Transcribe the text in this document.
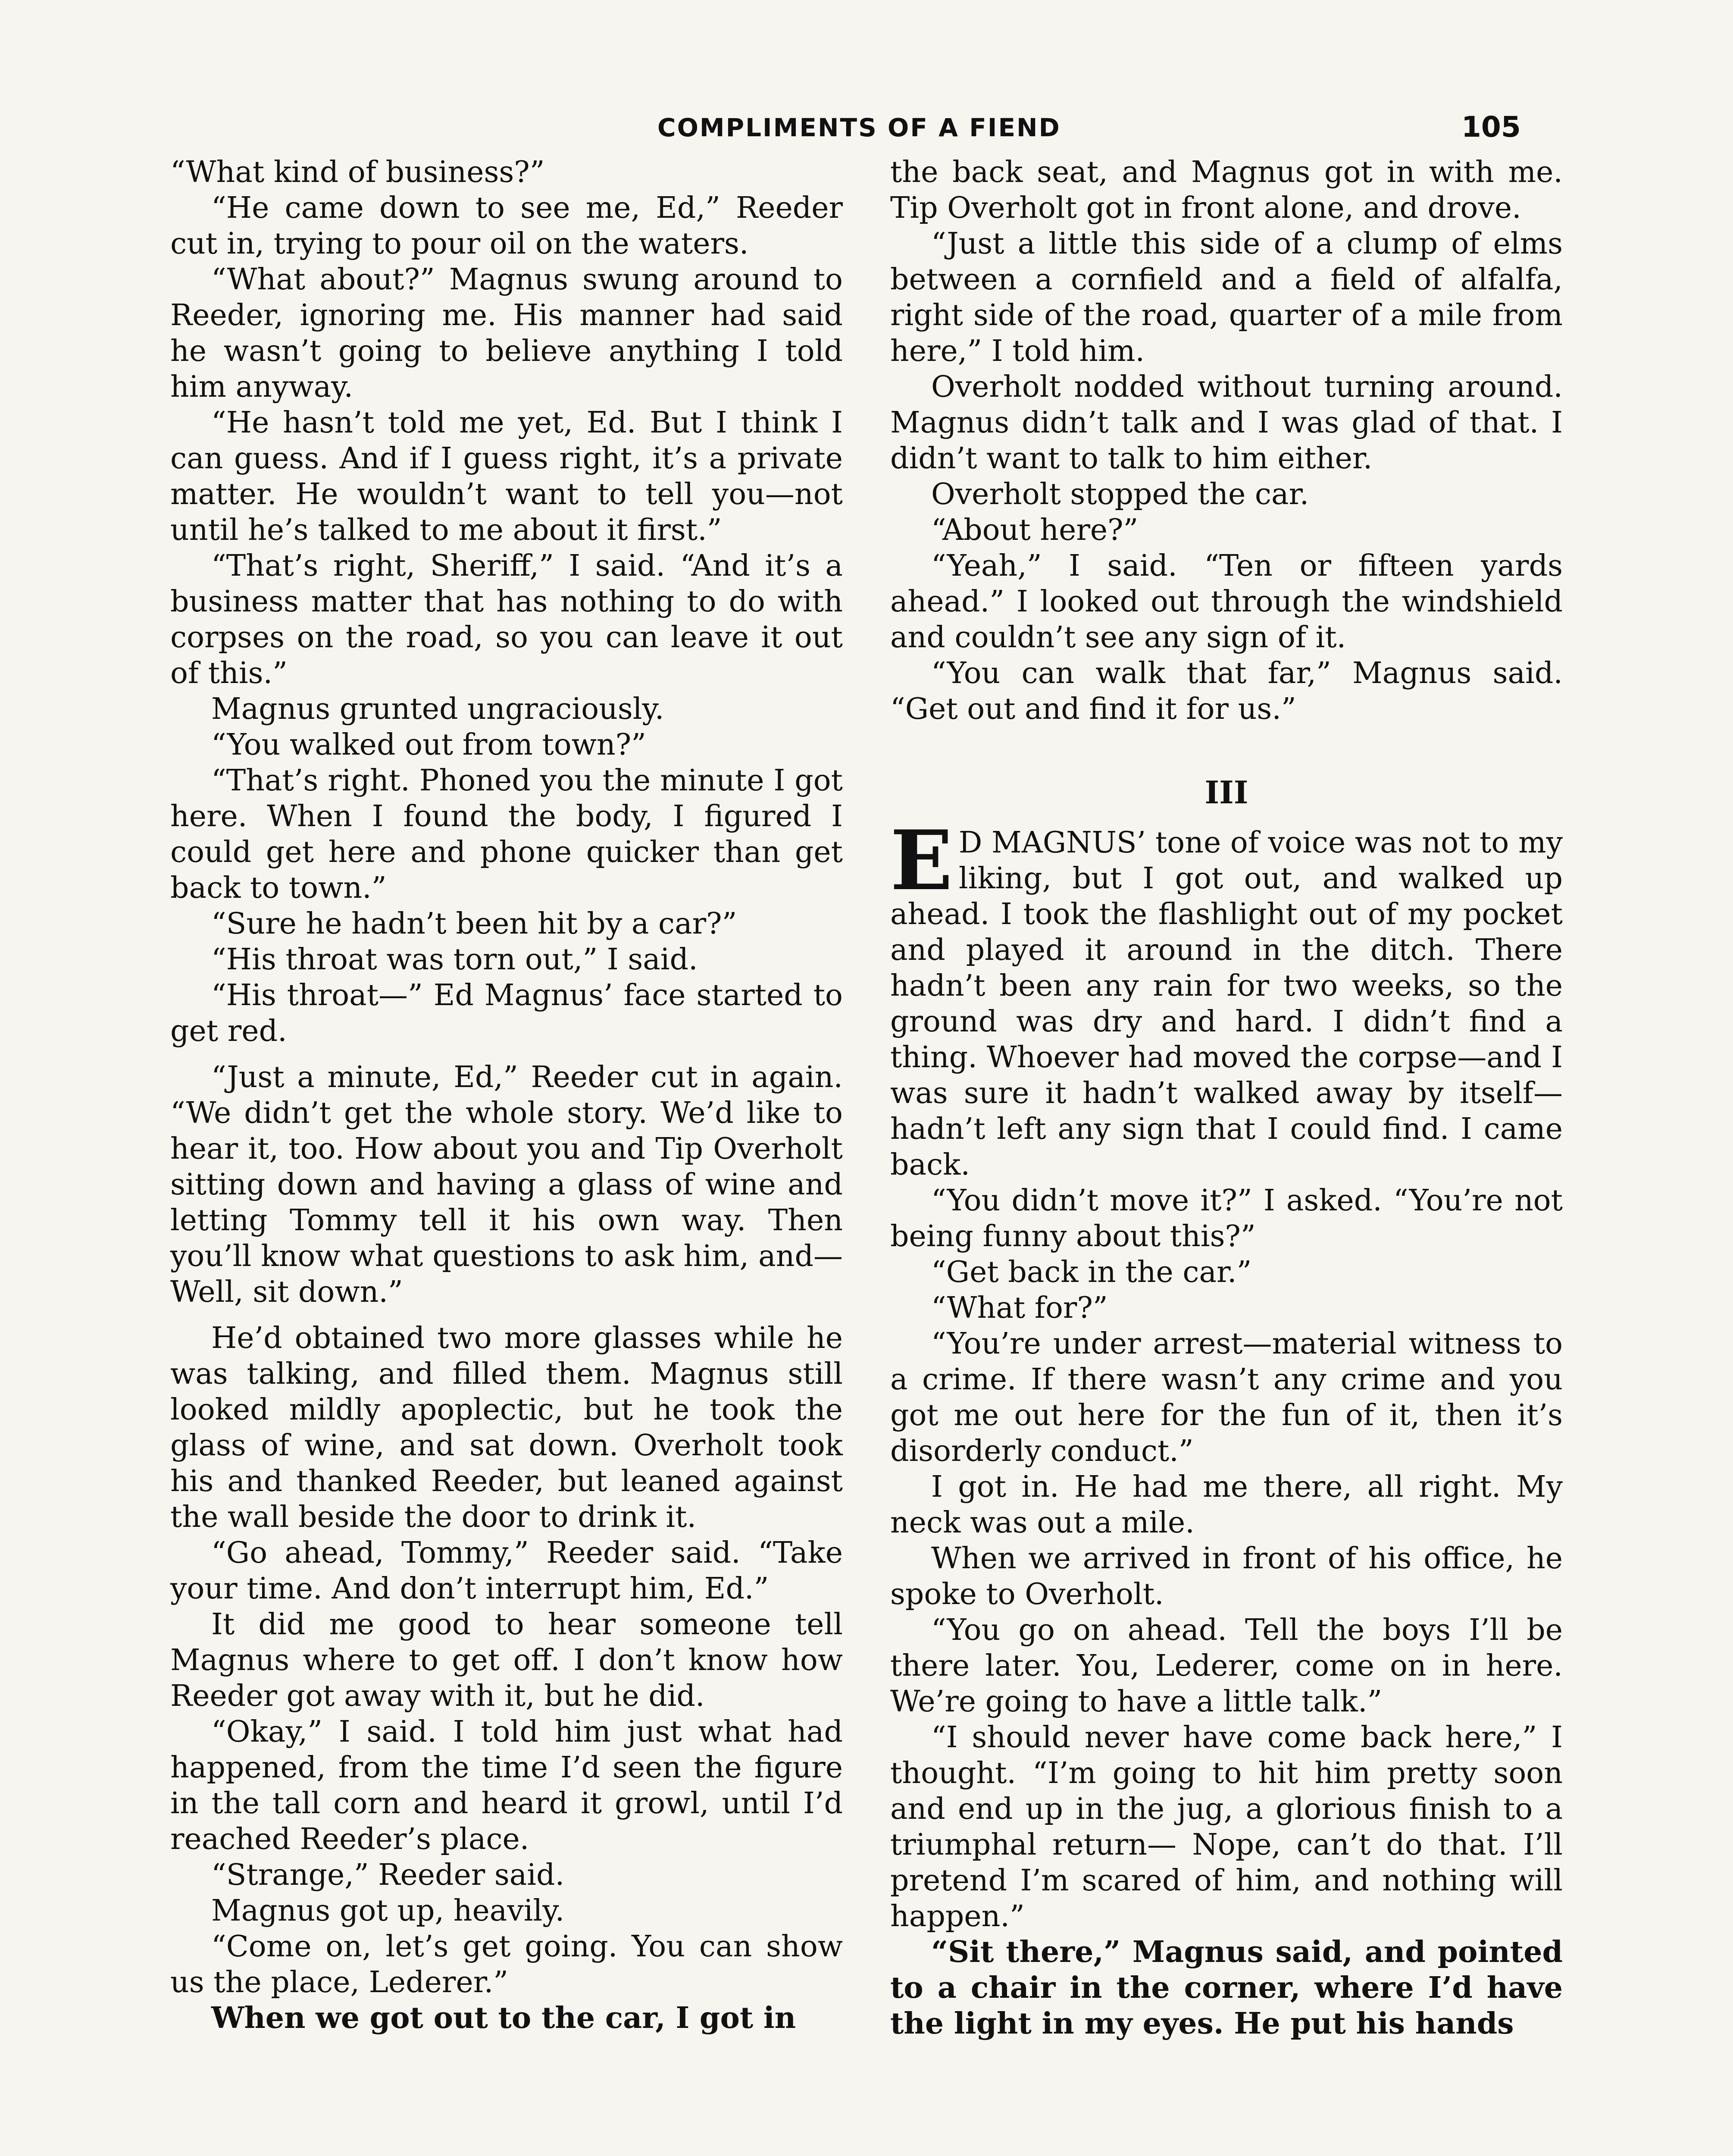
COMPLIMENTS OF A FIEND	105

“What kind of business?”

“He came down to see me, Ed,” Reeder cut in, trying to pour oil on the waters.

“What about?” Magnus swung around to Reeder, ignoring me. His manner had said he wasn’t going to believe anything I told him anyway.

“He hasn’t told me yet, Ed. But I think I can guess. And if I guess right, it’s a private matter. He wouldn’t want to tell you—not until he’s talked to me about it first.”

“That’s right, Sheriff,” I said. “And it’s a business matter that has nothing to do with corpses on the road, so you can leave it out of this.”

Magnus grunted ungraciously.

“You walked out from town?”

“That’s right. Phoned you the minute I got here. When I found the body, I figured I could get here and phone quicker than get back to town.”

“Sure he hadn’t been hit by a car?”

“His throat was torn out,” I said.

“His throat—” Ed Magnus’ face started to get red.

“Just a minute, Ed,” Reeder cut in again. “We didn’t get the whole story. We’d like to hear it, too. How about you and Tip Overholt sitting down and having a glass of wine and letting Tommy tell it his own way. Then you’ll know what questions to ask him, and— Well, sit down.”

He’d obtained two more glasses while he was talking, and filled them. Magnus still looked mildly apoplectic, but he took the glass of wine, and sat down. Overholt took his and thanked Reeder, but leaned against the wall beside the door to drink it.

“Go ahead, Tommy,” Reeder said. “Take your time. And don’t interrupt him, Ed.”

It did me good to hear someone tell Magnus where to get off. I don’t know how Reeder got away with it, but he did.

“Okay,” I said. I told him just what had happened, from the time I’d seen the figure in the tall corn and heard it growl, until I’d reached Reeder’s place.

“Strange,” Reeder said.

Magnus got up, heavily.

“Come on, let’s get going. You can show us the place, Lederer.”

When we got out to the car, I got in

the back seat, and Magnus got in with me. Tip Overholt got in front alone, and drove.

“Just a little this side of a clump of elms between a cornfield and a field of alfalfa, right side of the road, quarter of a mile from here,” I told him.

Overholt nodded without turning around. Magnus didn’t talk and I was glad of that. I didn’t want to talk to him either.

Overholt stopped the car.

“About here?”

“Yeah,” I said. “Ten or fifteen yards ahead.” I looked out through the windshield and couldn’t see any sign of it.

“You can walk that far,” Magnus said. “Get out and find it for us.”

III

E D MAGNUS’ tone of voice was not to my liking, but I got out, and walked up ahead. I took the flashlight out of my pocket and played it around in the ditch. There hadn’t been any rain for two weeks, so the ground was dry and hard. I didn’t find a thing. Whoever had moved the corpse—and I was sure it hadn’t walked away by itself—hadn’t left any sign that I could find. I came back.

“You didn’t move it?” I asked. “You’re not being funny about this?”

“Get back in the car.”

“What for?”

“You’re under arrest—material witness to a crime. If there wasn’t any crime and you got me out here for the fun of it, then it’s disorderly conduct.”

I got in. He had me there, all right. My neck was out a mile.

When we arrived in front of his office, he spoke to Overholt.

“You go on ahead. Tell the boys I’ll be there later. You, Lederer, come on in here. We’re going to have a little talk.”

“I should never have come back here,” I thought. “I’m going to hit him pretty soon and end up in the jug, a glorious finish to a triumphal return— Nope, can’t do that. I’ll pretend I’m scared of him, and nothing will happen.”

“Sit there,” Magnus said, and pointed to a chair in the corner, where I’d have the light in my eyes. He put his hands
